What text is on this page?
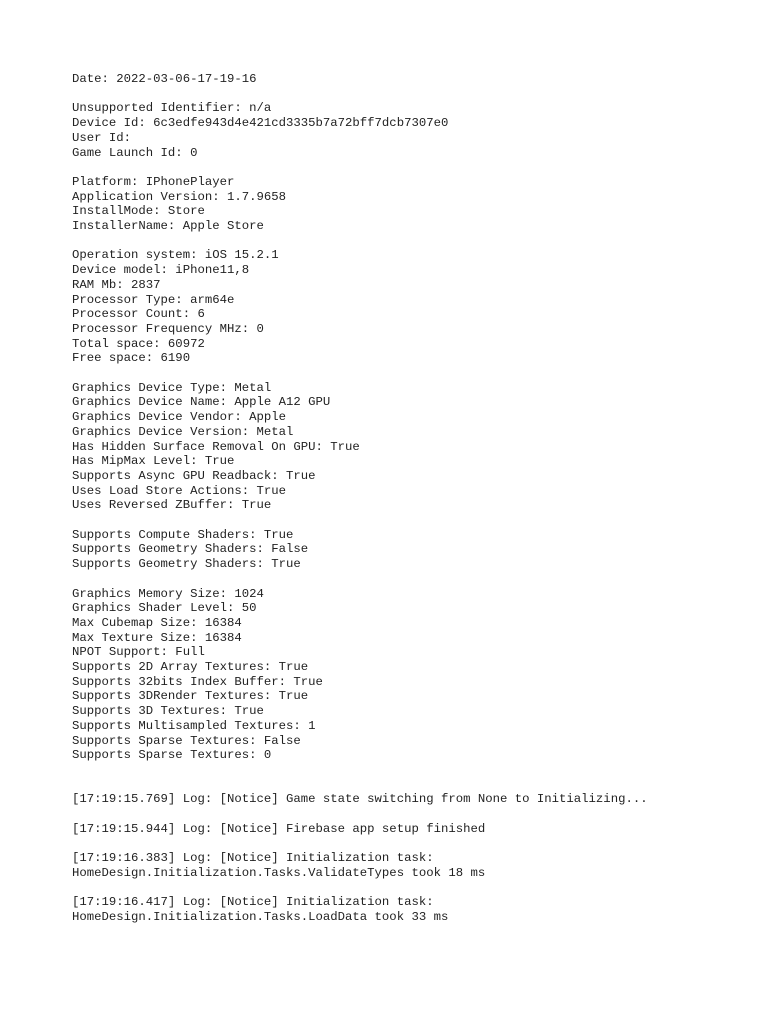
Date: 2022-03-06-17-19-16
Unsupported Identifier: n/a
Device Id: 6c3edfe943d4e421cd3335b7a72bff7dcb7307e0
User Id:
Game Launch Id: 0
Platform: IPhonePlayer
Application Version: 1.7.9658
InstallMode: Store
InstallerName: Apple Store
Operation system: iOS 15.2.1
Device model: iPhone11,8
RAM Mb: 2837
Processor Type: arm64e
Processor Count: 6
Processor Frequency MHz: 0
Total space: 60972
Free space: 6190
Graphics Device Type: Metal
Graphics Device Name: Apple A12 GPU
Graphics Device Vendor: Apple
Graphics Device Version: Metal
Has Hidden Surface Removal On GPU: True
Has MipMax Level: True
Supports Async GPU Readback: True
Uses Load Store Actions: True
Uses Reversed ZBuffer: True
Supports Compute Shaders: True
Supports Geometry Shaders: False
Supports Geometry Shaders: True
Graphics Memory Size: 1024
Graphics Shader Level: 50
Max Cubemap Size: 16384
Max Texture Size: 16384
NPOT Support: Full
Supports 2D Array Textures: True
Supports 32bits Index Buffer: True
Supports 3DRender Textures: True
Supports 3D Textures: True
Supports Multisampled Textures: 1
Supports Sparse Textures: False
Supports Sparse Textures: 0
[17:19:15.769] Log: [Notice] Game state switching from None to Initializing...
[17:19:15.944] Log: [Notice] Firebase app setup finished
[17:19:16.383] Log: [Notice] Initialization task:
HomeDesign.Initialization.Tasks.ValidateTypes took 18 ms
[17:19:16.417] Log: [Notice] Initialization task:
HomeDesign.Initialization.Tasks.LoadData took 33 ms
